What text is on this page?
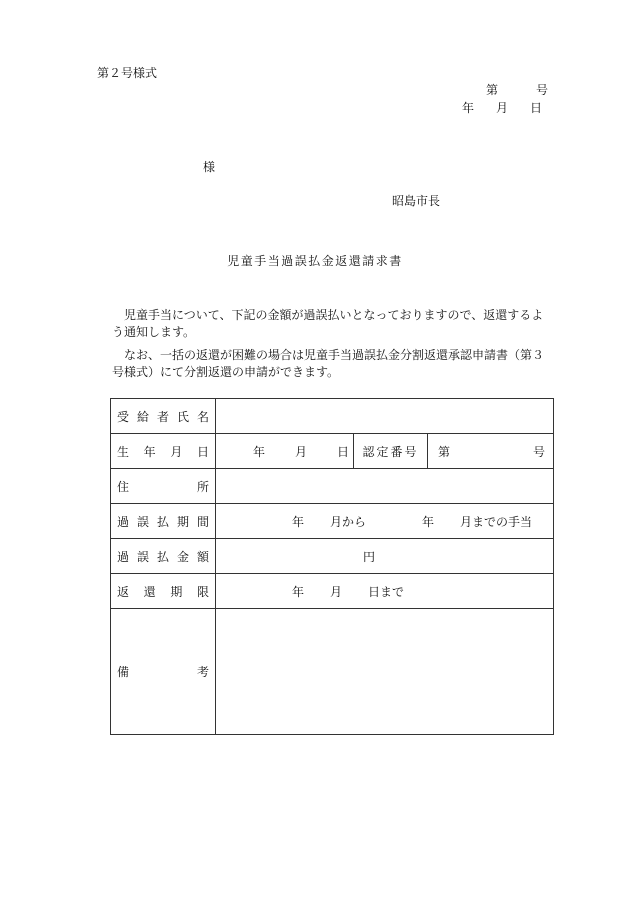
第２号様式
第	号
年 月 日
様
昭島市長
児童手当過誤払金返還請求書
児童手当について、下記の金額が過誤払いとなっておりますので、返還するよう通知します。
なお、一括の返還が困難の場合は児童手当過誤払金分割返還承認申請書（第３号様式）にて分割返還の申請ができます。
受 給 者 氏 名			

生 年 月 日	年 月 日	認定番号	第 号

住 所			

過 誤 払 期 間	年 月から 年 月までの手当		

過 誤 払 金 額	円		

返 還 期 限	年 月 日まで		

備 考			
